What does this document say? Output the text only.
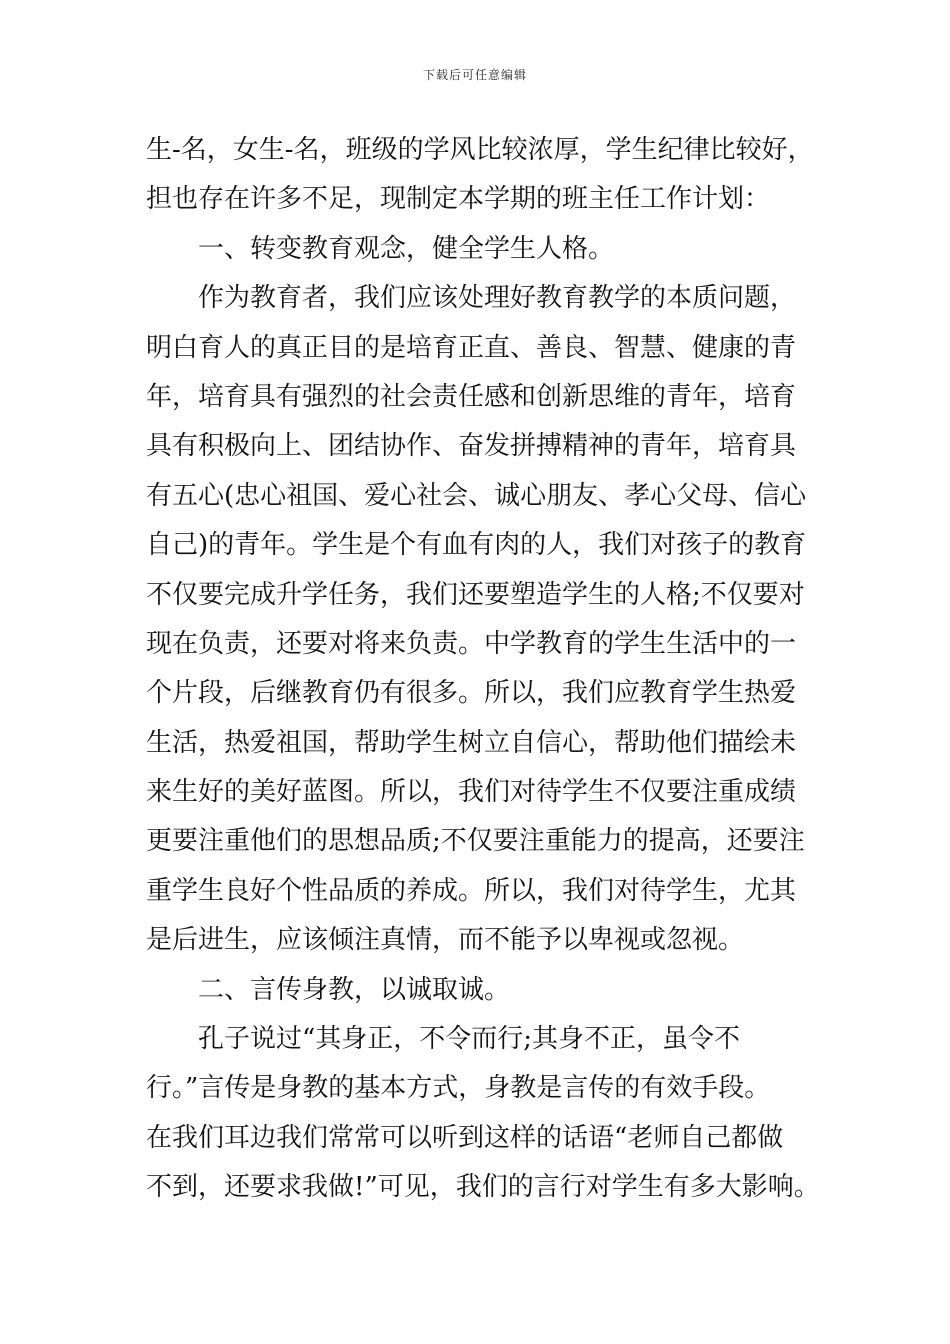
下载后可任意编辑
生-名，女生-名，班级的学风比较浓厚，学生纪律比较好，
担也存在许多不足，现制定本学期的班主任工作计划：
一、转变教育观念，健全学生人格。
作为教育者，我们应该处理好教育教学的本质问题，
明白育人的真正目的是培育正直、善良、智慧、健康的青
年，培育具有强烈的社会责任感和创新思维的青年，培育
具有积极向上、团结协作、奋发拼搏精神的青年，培育具
有五心(忠心祖国、爱心社会、诚心朋友、孝心父母、信心
自己)的青年。学生是个有血有肉的人，我们对孩子的教育
不仅要完成升学任务，我们还要塑造学生的人格;不仅要对
现在负责，还要对将来负责。中学教育的学生生活中的一
个片段，后继教育仍有很多。所以，我们应教育学生热爱
生活，热爱祖国，帮助学生树立自信心，帮助他们描绘未
来生好的美好蓝图。所以，我们对待学生不仅要注重成绩
更要注重他们的思想品质;不仅要注重能力的提高，还要注
重学生良好个性品质的养成。所以，我们对待学生，尤其
是后进生，应该倾注真情，而不能予以卑视或忽视。
二、言传身教，以诚取诚。
孔子说过“其身正，不令而行;其身不正，虽令不
行。”言传是身教的基本方式，身教是言传的有效手段。
在我们耳边我们常常可以听到这样的话语“老师自己都做
不到，还要求我做!”可见，我们的言行对学生有多大影响。
